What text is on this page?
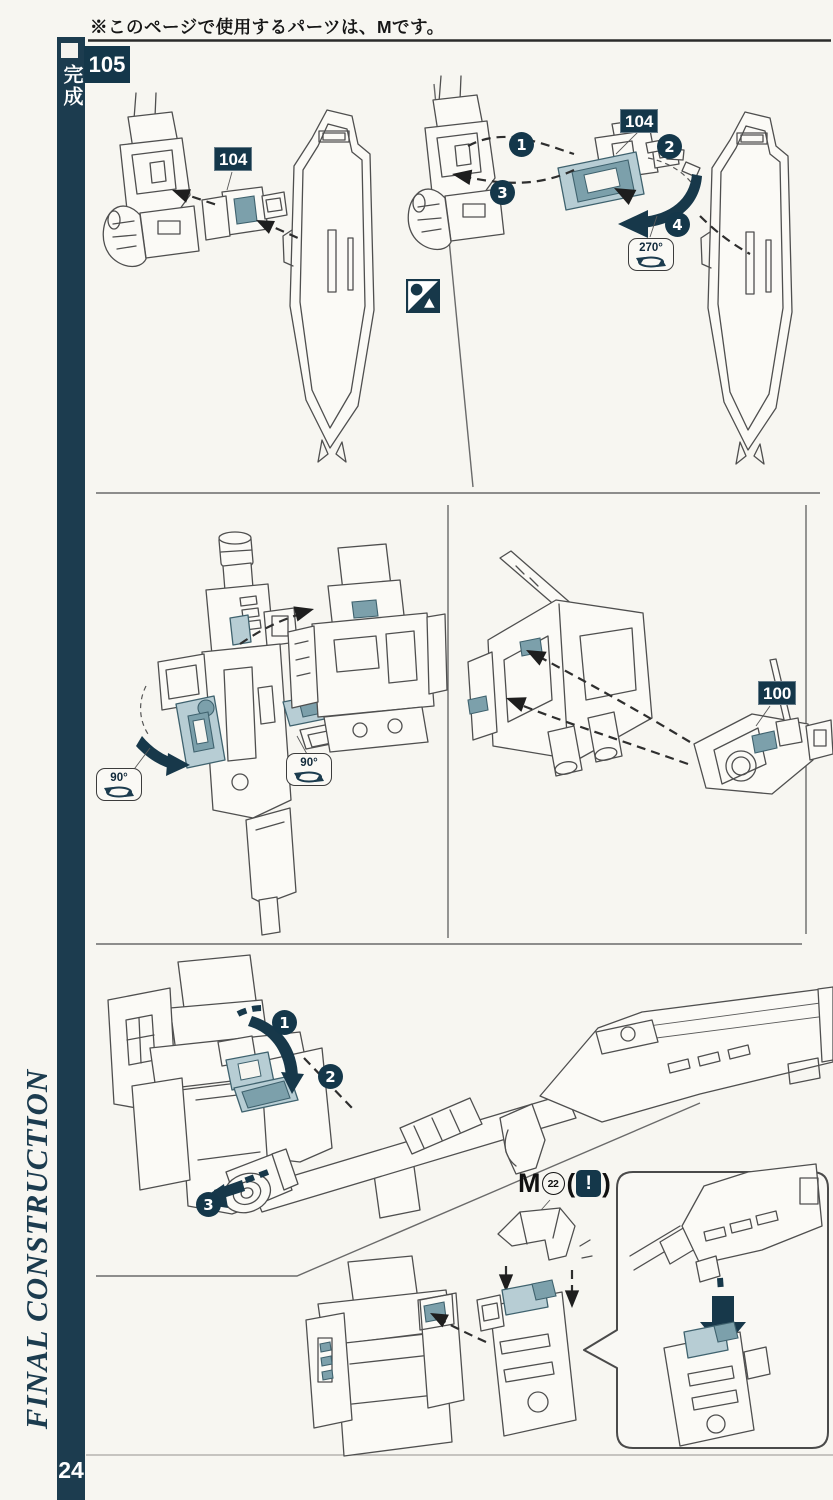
完成
FINAL CONSTRUCTION
24
※このページで使用するパーツは、Mです。
105
104
104
100
1	2
3
4
1
2
3
270°
90°
90°
M 22 ( ! )
